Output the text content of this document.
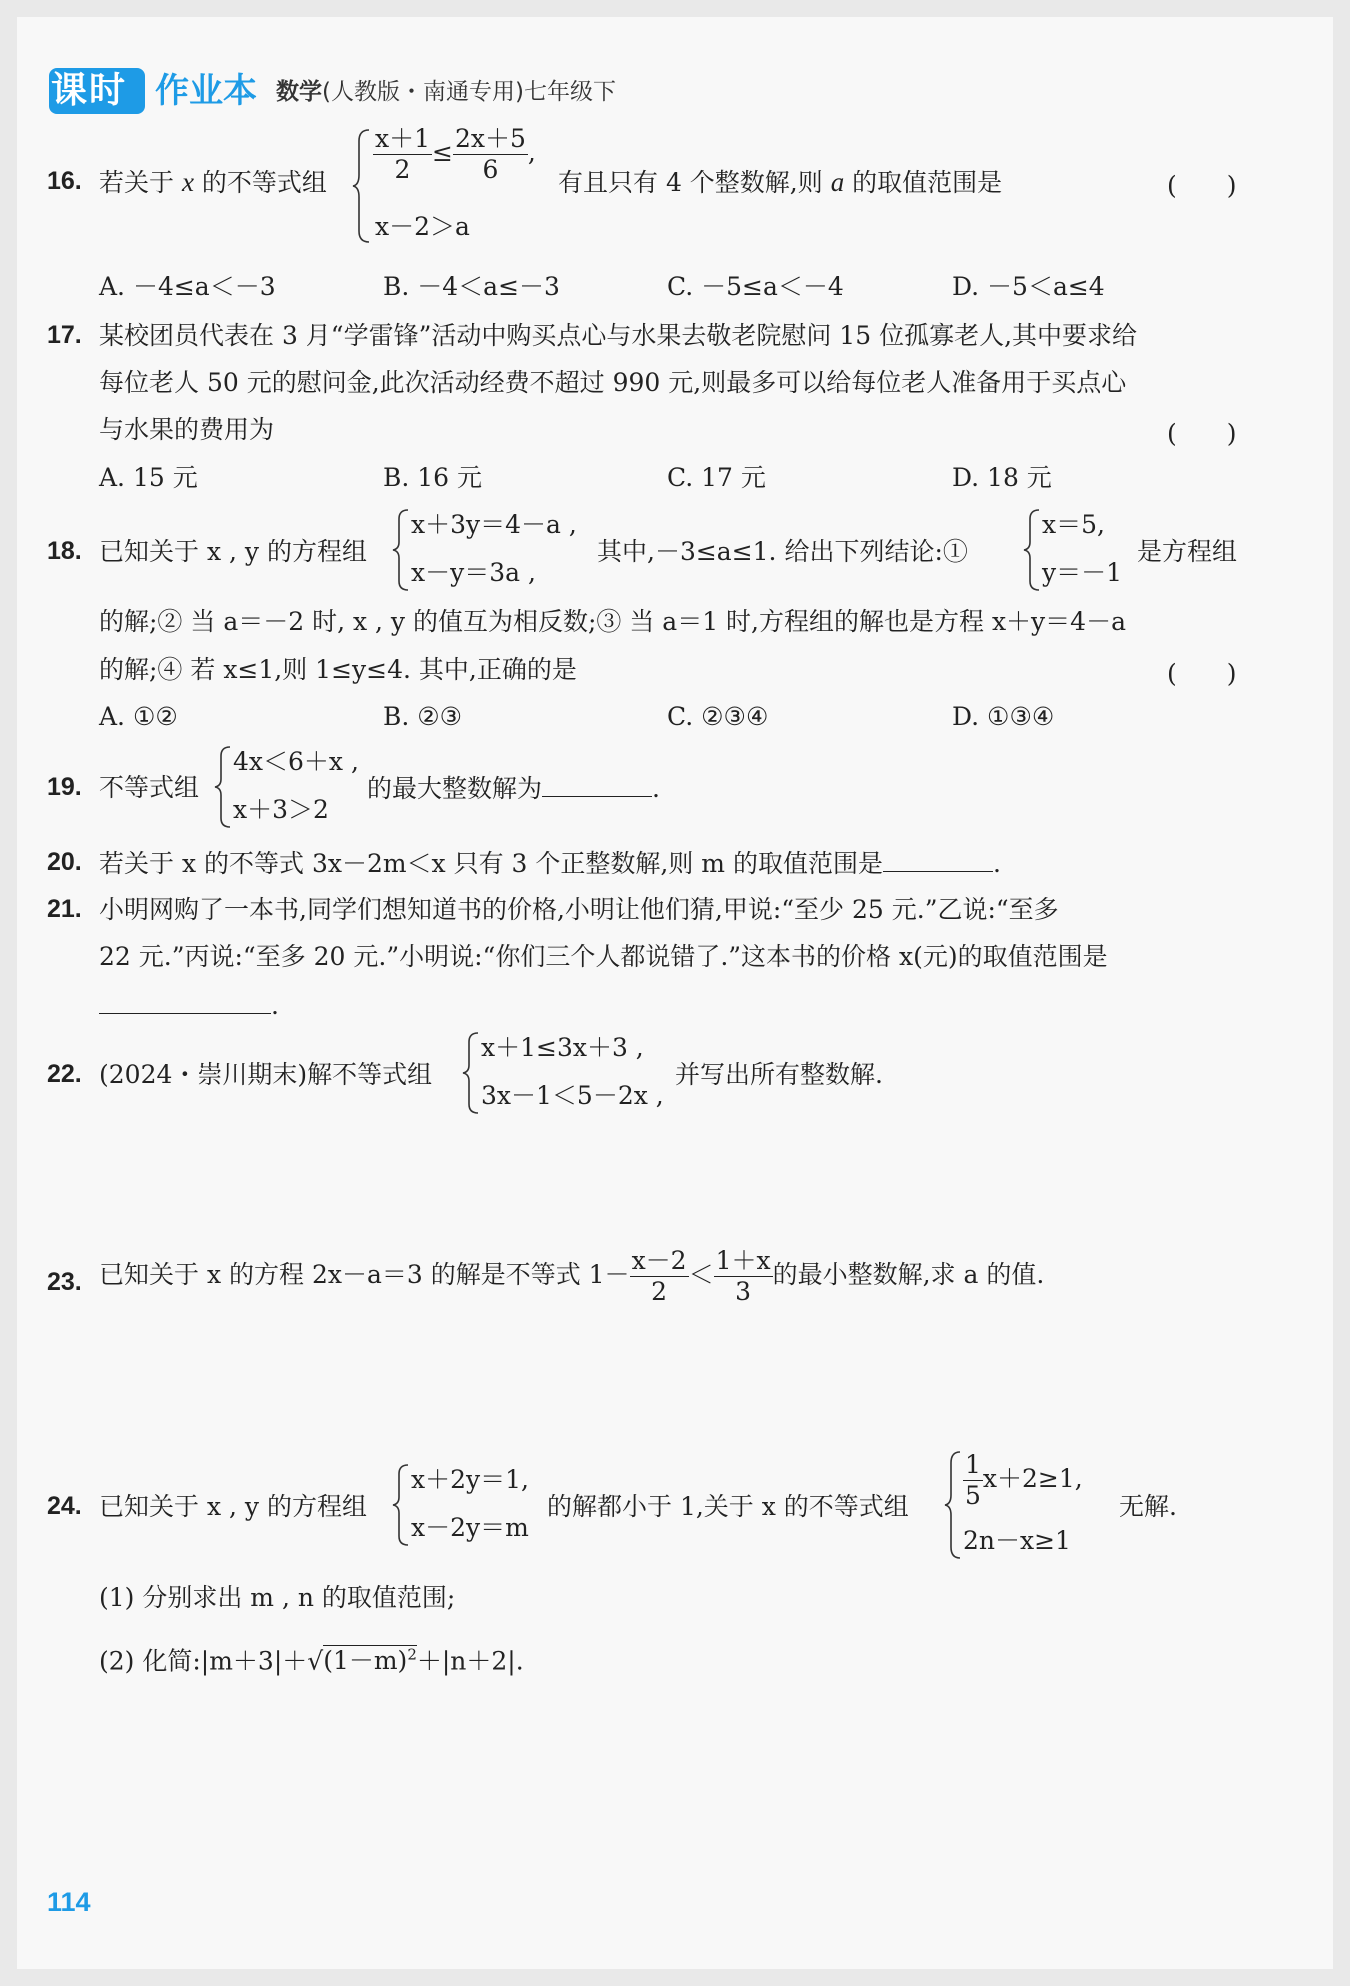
课时 作业本 数学(人教版・南通专用)七年级下
16. 若关于 x 的不等式组 $\frac{x+1}{2} \le \frac{2x+5}{6}$ ,
x－2＞a
有且只有 4 个整数解,则 a 的取值范围是	(　　)
A. －4≤a＜－3	B. －4＜a≤－3	C. －5≤a＜－4	D. －5＜a≤4
17. 某校团员代表在 3 月“学雷锋”活动中购买点心与水果去敬老院慰问 15 位孤寡老人,其中要求给
每位老人 50 元的慰问金,此次活动经费不超过 990 元,则最多可以给每位老人准备用于买点心
与水果的费用为	(　　)
A. 15 元	B. 16 元	C. 17 元	D. 18 元
18. 已知关于 x , y 的方程组
x＋3y＝4－a ,
x－y＝3a ,
其中,－3≤a≤1. 给出下列结论:①
x＝5,
y＝－1
是方程组
的解;② 当 a＝－2 时, x , y 的值互为相反数;③ 当 a＝1 时,方程组的解也是方程 x＋y＝4－a
的解;④ 若 x≤1,则 1≤y≤4. 其中,正确的是	(　　)
A. ①②	B. ②③	C. ②③④	D. ①③④
19. 不等式组
4x＜6＋x ,
x＋3＞2
的最大整数解为	.
20. 若关于 x 的不等式 3x－2m＜x 只有 3 个正整数解,则 m 的取值范围是	.
21. 小明网购了一本书,同学们想知道书的价格,小明让他们猜,甲说:“至少 25 元.”乙说:“至多
22 元.”丙说:“至多 20 元.”小明说:“你们三个人都说错了.”这本书的价格 x(元)的取值范围是
.
22. (2024・崇川期末)解不等式组
x＋1≤3x＋3 ,
3x－1＜5－2x ,
并写出所有整数解.
23. 已知关于 x 的方程 2x－a＝3 的解是不等式 $1- \frac{x-2}{2} < \frac{1+x}{3}$ 的最小整数解,求 a 的值.
24. 已知关于 x , y 的方程组
x＋2y＝1,
x－2y＝m
的解都小于 1,关于 x 的不等式组 $\frac{1}{5} x+2\ge 1$,
2n－x≥1
无解.
(1) 分别求出 m , n 的取值范围;
(2) 化简$:|m+3|+√(1-m)^2+|n+2|$.
114
